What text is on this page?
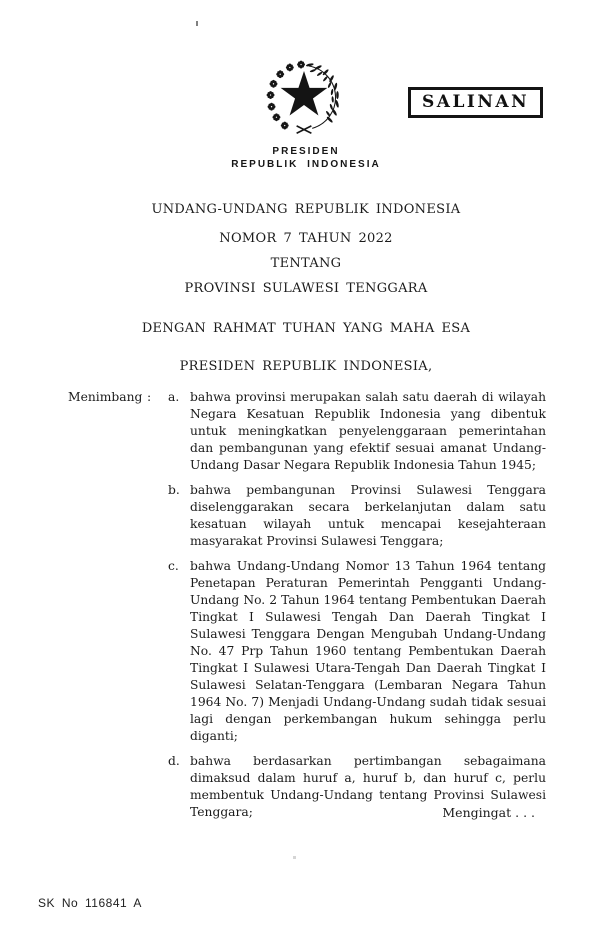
PRESIDEN
REPUBLIK INDONESIA
SALINAN
UNDANG-UNDANG REPUBLIK INDONESIA
NOMOR 7 TAHUN 2022
TENTANG
PROVINSI SULAWESI TENGGARA
DENGAN RAHMAT TUHAN YANG MAHA ESA
PRESIDEN REPUBLIK INDONESIA,
Menimbang :	a. bahwa provinsi merupakan salah satu daerah di wilayah Negara Kesatuan Republik Indonesia yang dibentuk untuk meningkatkan penyelenggaraan pemerintahan dan pembangunan yang efektif sesuai amanat Undang-Undang Dasar Negara Republik Indonesia Tahun 1945;
b. bahwa pembangunan Provinsi Sulawesi Tenggara diselenggarakan secara berkelanjutan dalam satu kesatuan wilayah untuk mencapai kesejahteraan masyarakat Provinsi Sulawesi Tenggara;
c. bahwa Undang-Undang Nomor 13 Tahun 1964 tentang Penetapan Peraturan Pemerintah Pengganti Undang-Undang No. 2 Tahun 1964 tentang Pembentukan Daerah Tingkat I Sulawesi Tengah Dan Daerah Tingkat I Sulawesi Tenggara Dengan Mengubah Undang-Undang No. 47 Prp Tahun 1960 tentang Pembentukan Daerah Tingkat I Sulawesi Utara-Tengah Dan Daerah Tingkat I Sulawesi Selatan-Tenggara (Lembaran Negara Tahun 1964 No. 7) Menjadi Undang-Undang sudah tidak sesuai lagi dengan perkembangan hukum sehingga perlu diganti;
d. bahwa berdasarkan pertimbangan sebagaimana dimaksud dalam huruf a, huruf b, dan huruf c, perlu membentuk Undang-Undang tentang Provinsi Sulawesi Tenggara;	Mengingat . . .
SK No 116841 A
